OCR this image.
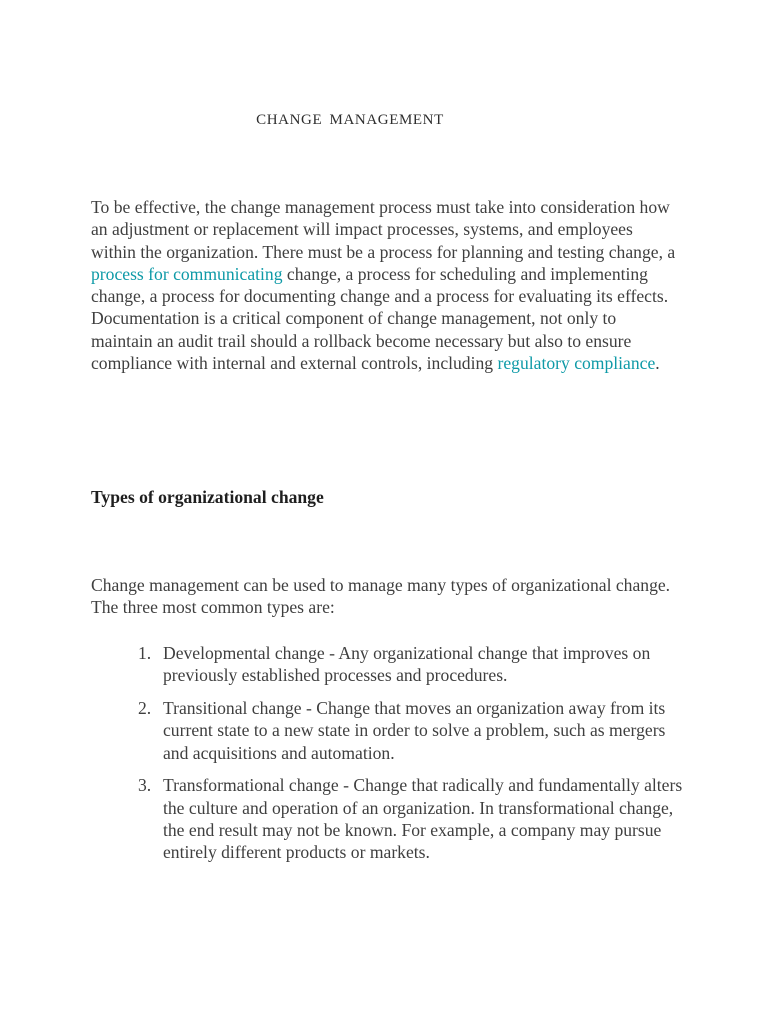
CHANGE MANAGEMENT

To be effective, the change management process must take into consideration how an adjustment or replacement will impact processes, systems, and employees within the organization. There must be a process for planning and testing change, a process for communicating change, a process for scheduling and implementing change, a process for documenting change and a process for evaluating its effects. Documentation is a critical component of change management, not only to maintain an audit trail should a rollback become necessary but also to ensure compliance with internal and external controls, including regulatory compliance.

Types of organizational change

Change management can be used to manage many types of organizational change. The three most common types are:

1. Developmental change - Any organizational change that improves on previously established processes and procedures.
2. Transitional change - Change that moves an organization away from its current state to a new state in order to solve a problem, such as mergers and acquisitions and automation.
3. Transformational change - Change that radically and fundamentally alters the culture and operation of an organization. In transformational change, the end result may not be known. For example, a company may pursue entirely different products or markets.
